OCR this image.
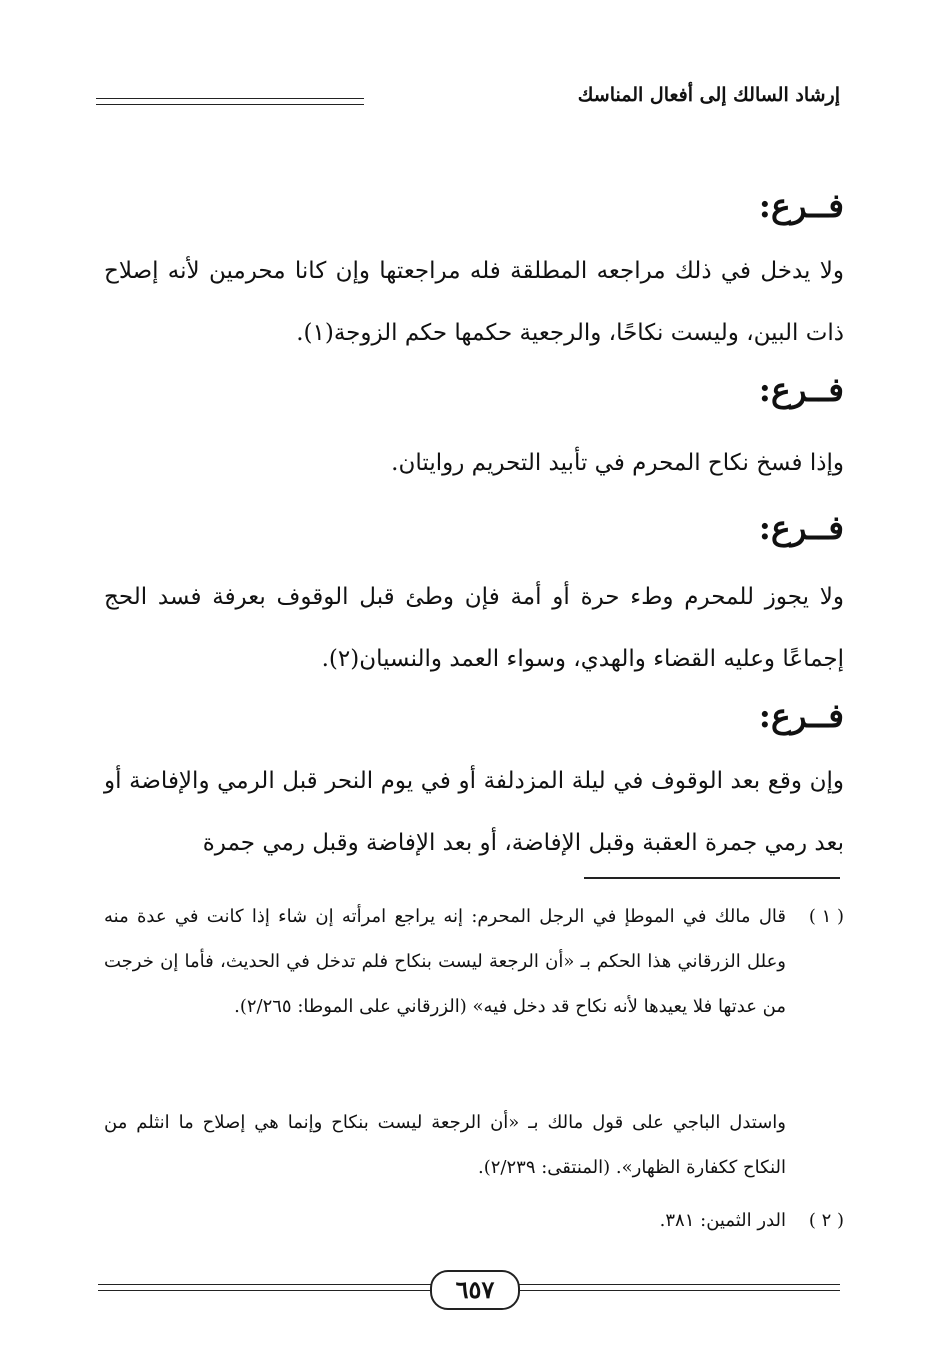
إرشاد السالك إلى أفعال المناسك
فــرع:
ولا يدخل في ذلك مراجعه المطلقة فله مراجعتها وإن كانا محرمين لأنه إصلاح ذات البين، وليست نكاحًا، والرجعية حكمها حكم الزوجة(١).
فــرع:
وإذا فسخ نكاح المحرم في تأبيد التحريم روايتان.
فــرع:
ولا يجوز للمحرم وطء حرة أو أمة فإن وطئ قبل الوقوف بعرفة فسد الحج إجماعًا وعليه القضاء والهدي، وسواء العمد والنسيان(٢).
فــرع:
وإن وقع بعد الوقوف في ليلة المزدلفة أو في يوم النحر قبل الرمي والإفاضة أو بعد رمي جمرة العقبة وقبل الإفاضة، أو بعد الإفاضة وقبل رمي جمرة
( ١ )
قال مالك في الموطإ في الرجل المحرم: إنه يراجع امرأته إن شاء إذا كانت في عدة منه وعلل الزرقاني هذا الحكم بـ «أن الرجعة ليست بنكاح فلم تدخل في الحديث، فأما إن خرجت من عدتها فلا يعيدها لأنه نكاح قد دخل فيه» (الزرقاني على الموطا: ٢/٢٦٥).
واستدل الباجي على قول مالك بـ «أن الرجعة ليست بنكاح وإنما هي إصلاح ما انثلم من النكاح ككفارة الظهار». (المنتقى: ٢/٢٣٩).
( ٢ )
الدر الثمين: ٣٨١.
٦٥٧
